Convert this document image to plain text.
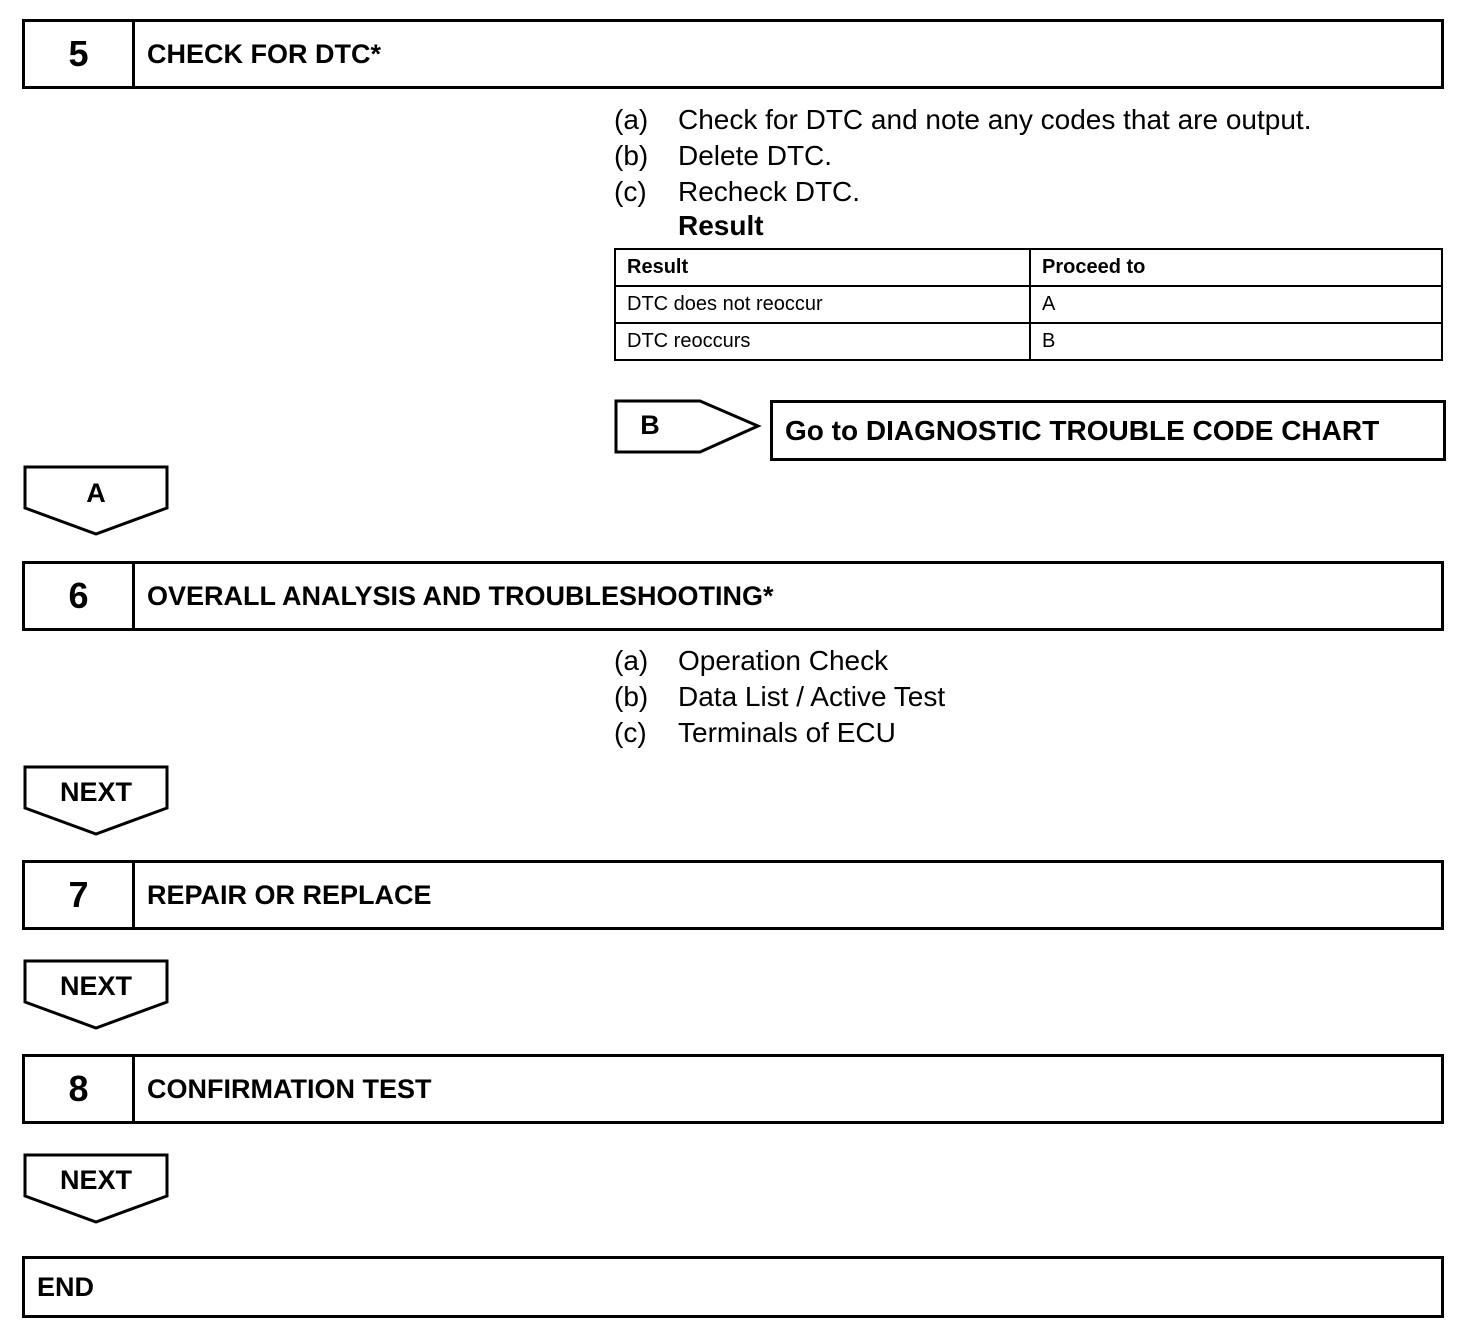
5	CHECK FOR DTC*
(a)	Check for DTC and note any codes that are output.
(b)	Delete DTC.
(c)	Recheck DTC.
Result
Result	Proceed to
DTC does not reoccur	A
DTC reoccurs	B
B	Go to DIAGNOSTIC TROUBLE CODE CHART
A
6	OVERALL ANALYSIS AND TROUBLESHOOTING*
(a)	Operation Check
(b)	Data List / Active Test
(c)	Terminals of ECU
NEXT
7	REPAIR OR REPLACE
NEXT
8	CONFIRMATION TEST
NEXT
END
